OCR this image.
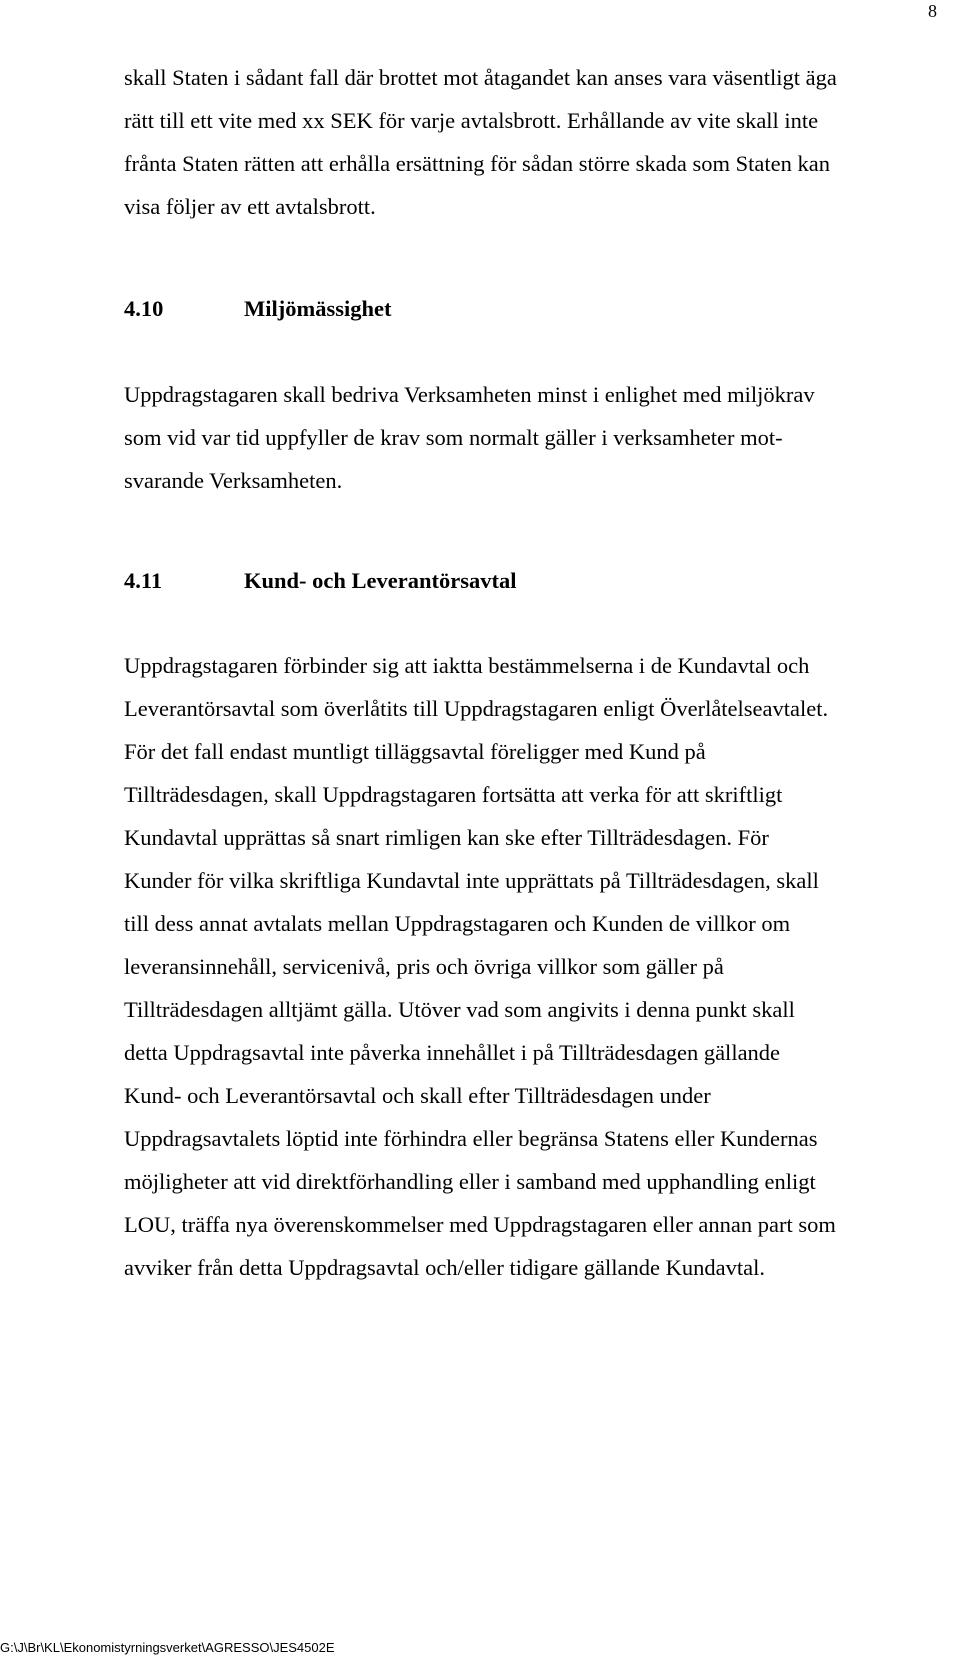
8
skall Staten i sådant fall där brottet mot åtagandet kan anses vara väsentligt äga
rätt till ett vite med xx SEK för varje avtalsbrott. Erhållande av vite skall inte
frånta Staten rätten att erhålla ersättning för sådan större skada som Staten kan
visa följer av ett avtalsbrott.
4.10	Miljömässighet
Uppdragstagaren skall bedriva Verksamheten minst i enlighet med miljökrav
som vid var tid uppfyller de krav som normalt gäller i verksamheter mot-
svarande Verksamheten.
4.11	Kund- och Leverantörsavtal
Uppdragstagaren förbinder sig att iaktta bestämmelserna i de Kundavtal och
Leverantörsavtal som överlåtits till Uppdragstagaren enligt Överlåtelseavtalet.
För det fall endast muntligt tilläggsavtal föreligger med Kund på
Tillträdesdagen, skall Uppdragstagaren fortsätta att verka för att skriftligt
Kundavtal upprättas så snart rimligen kan ske efter Tillträdesdagen. För
Kunder för vilka skriftliga Kundavtal inte upprättats på Tillträdesdagen, skall
till dess annat avtalats mellan Uppdragstagaren och Kunden de villkor om
leveransinnehåll, servicenivå, pris och övriga villkor som gäller på
Tillträdesdagen alltjämt gälla. Utöver vad som angivits i denna punkt skall
detta Uppdragsavtal inte påverka innehållet i på Tillträdesdagen gällande
Kund- och Leverantörsavtal och skall efter Tillträdesdagen under
Uppdragsavtalets löptid inte förhindra eller begränsa Statens eller Kundernas
möjligheter att vid direktförhandling eller i samband med upphandling enligt
LOU, träffa nya överenskommelser med Uppdragstagaren eller annan part som
avviker från detta Uppdragsavtal och/eller tidigare gällande Kundavtal.
G:\J\Br\KL\Ekonomistyrningsverket\AGRESSO\JES4502E
